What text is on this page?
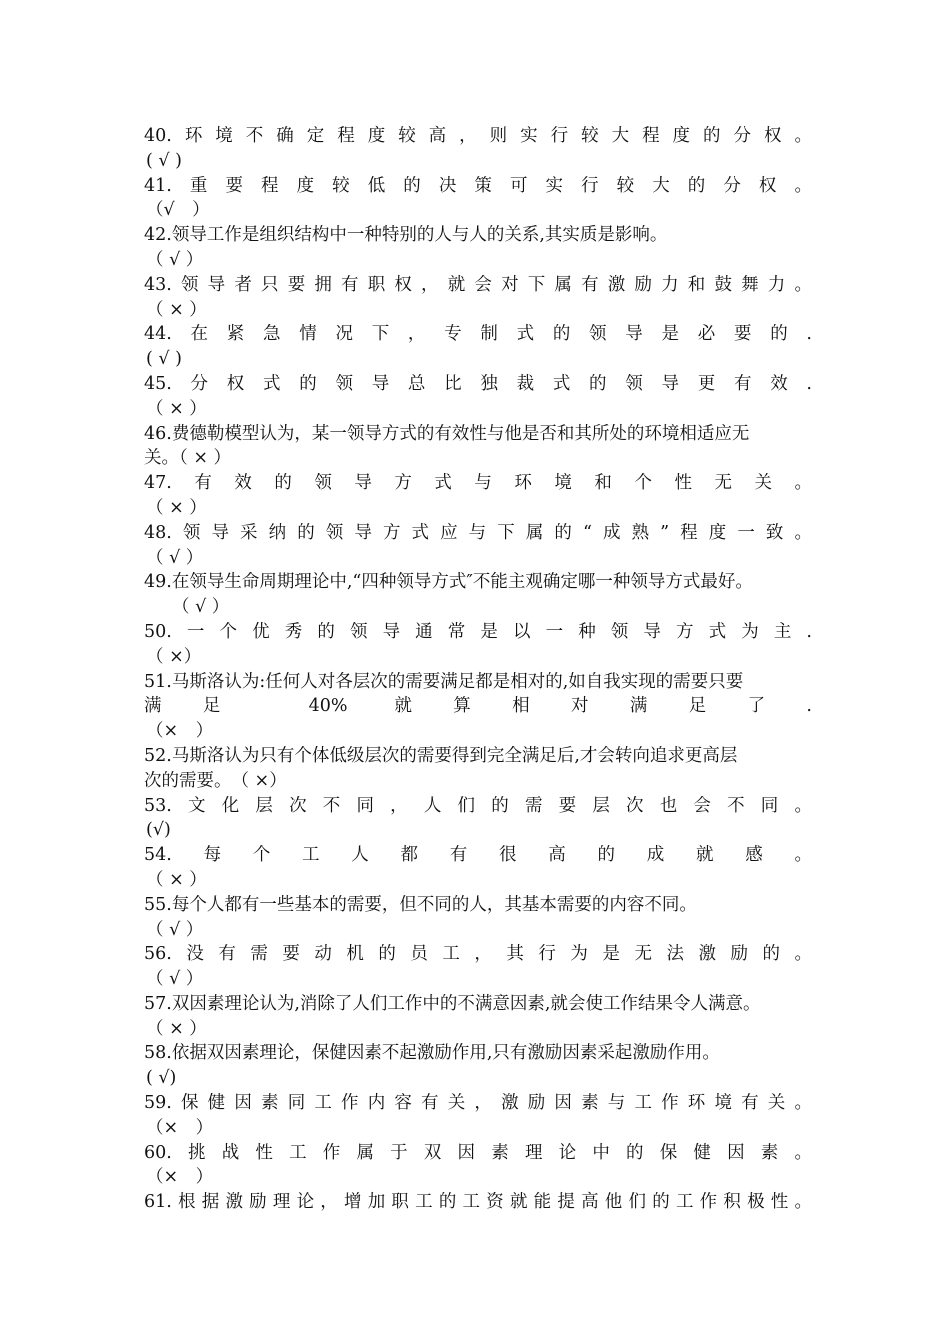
40.环境不确定程度较高，则实行较大程度的分权。
( √ )
41.重要程度较低的决策可实行较大的分权。
（√　）
42.领导工作是组织结构中一种特别的人与人的关系,其实质是影响。
（ √ ）
43.领导者只要拥有职权，就会对下属有激励力和鼓舞力。
（ × ）
44.在紧急情况下，专制式的领导是必要的.
( √ )
45.分权式的领导总比独裁式的领导更有效.
（ × ）
46.费德勒模型认为，某一领导方式的有效性与他是否和其所处的环境相适应无
关。（ × ）
47.有效的领导方式与环境和个性无关。
（ × ）
48.领导采纳的领导方式应与下属的“成熟”程度一致。
（ √ ）
49.在领导生命周期理论中,“四种领导方式″不能主观确定哪一种领导方式最好。
（ √ ）
50.一个优秀的领导通常是以一种领导方式为主.
（ ×）
51.马斯洛认为:任何人对各层次的需要满足都是相对的,如自我实现的需要只要
满足 40% 就算相对满足了.
（×　）
52.马斯洛认为只有个体低级层次的需要得到完全满足后,才会转向追求更高层
次的需要。　（ ×）
53.文化层次不同，人们的需要层次也会不同。
(√)
54.每个工人都有很高的成就感。
（ × ）
55.每个人都有一些基本的需要，但不同的人，其基本需要的内容不同。
（ √ ）
56.没有需要动机的员工，其行为是无法激励的。
（ √ ）
57.双因素理论认为,消除了人们工作中的不满意因素,就会使工作结果令人满意。
（ × ）
58.依据双因素理论，保健因素不起激励作用,只有激励因素采起激励作用。
( √)
59.保健因素同工作内容有关，激励因素与工作环境有关。
（×　）
60.挑战性工作属于双因素理论中的保健因素。
（×　）
61.根据激励理论，增加职工的工资就能提高他们的工作积极性。
